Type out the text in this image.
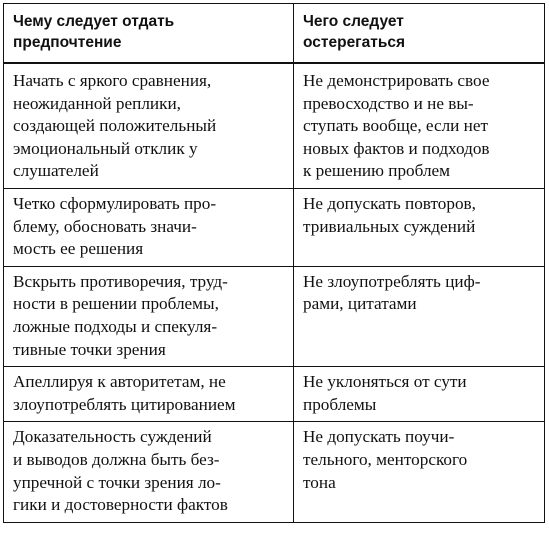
Чему следует отдать
предпочтение	Чего следует
остерегаться

Начать с яркого сравнения,
неожиданной реплики,
создающей положительный
эмоциональный отклик у
слушателей	Не демонстрировать свое
превосходство и не вы-
ступать вообще, если нет
новых фактов и подходов
к решению проблем

Четко сформулировать про-
блему, обосновать значи-
мость ее решения	Не допускать повторов,
тривиальных суждений

Вскрыть противоречия, труд-
ности в решении проблемы,
ложные подходы и спекуля-
тивные точки зрения	Не злоупотреблять циф-
рами, цитатами

Апеллируя к авторитетам, не
злоупотреблять цитированием	Не уклоняться от сути
проблемы

Доказательность суждений
и выводов должна быть без-
упречной с точки зрения ло-
гики и достоверности фактов	Не допускать поучи-
тельного, менторского
тона
